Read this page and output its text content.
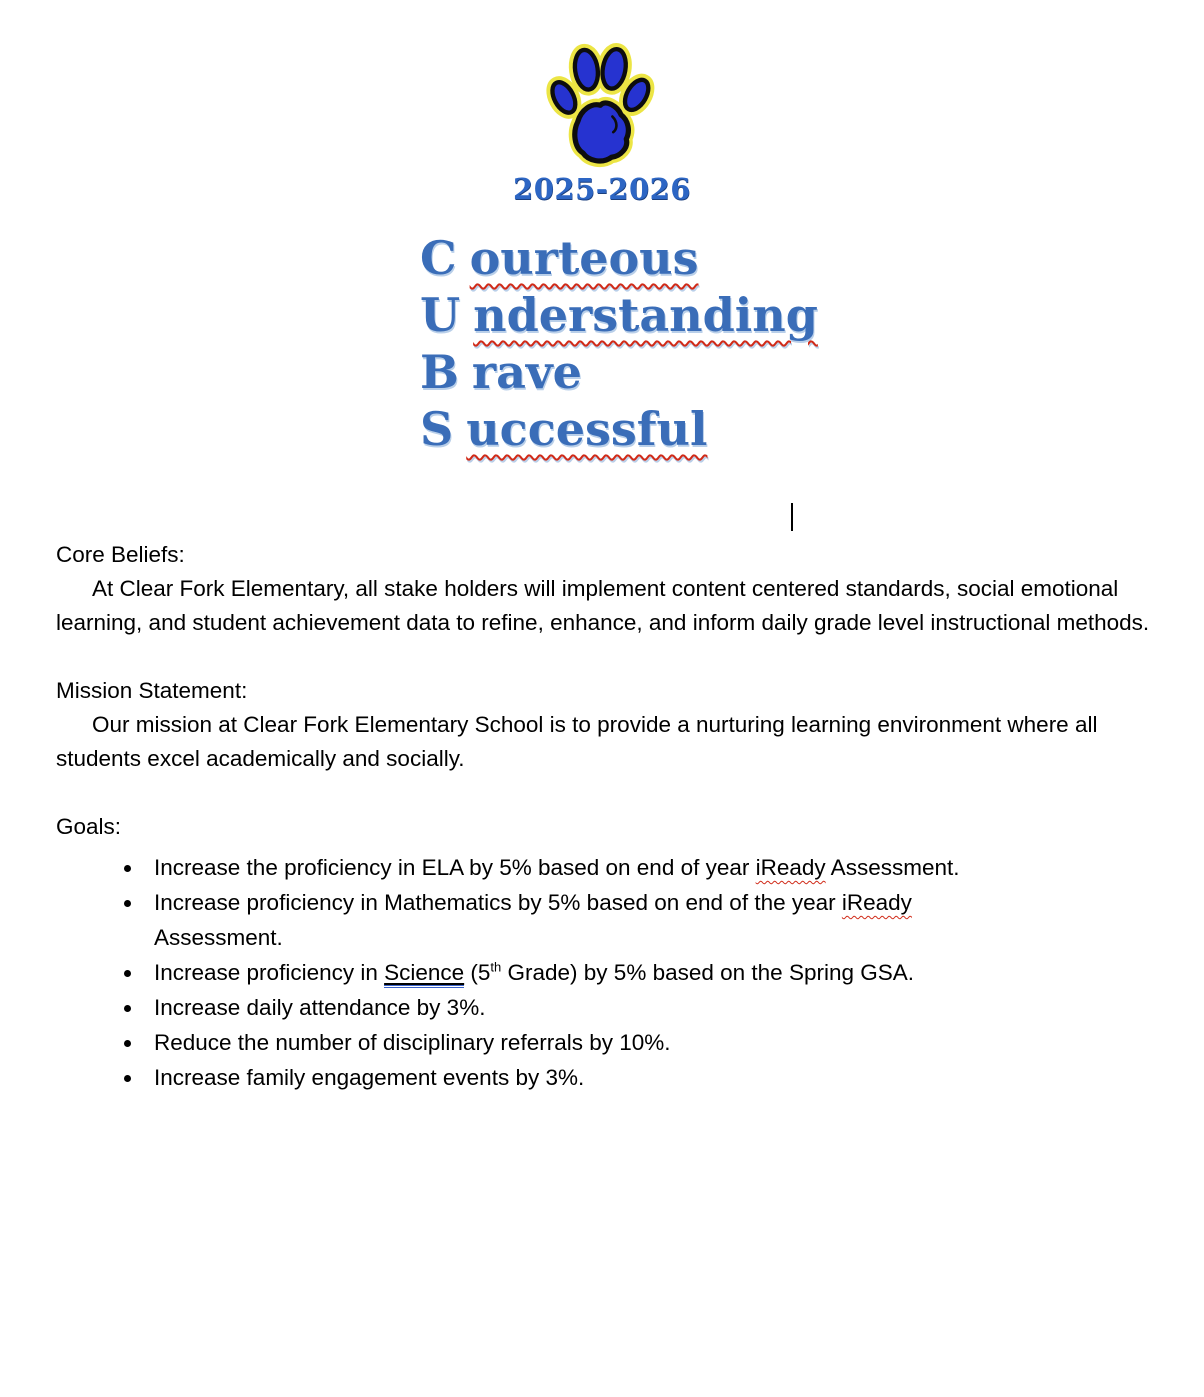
2025-2026
C ourteous
U nderstanding
B rave
S uccessful
Core Beliefs:

At Clear Fork Elementary, all stake holders will implement content centered standards, social emotional learning, and student achievement data to refine, enhance, and inform daily grade level instructional methods.

Mission Statement:

Our mission at Clear Fork Elementary School is to provide a nurturing learning environment where all students excel academically and socially.

Goals:
• Increase the proficiency in ELA by 5% based on end of year iReady Assessment.
• Increase proficiency in Mathematics by 5% based on end of the year iReady
Assessment.
• Increase proficiency in Science (5th Grade) by 5% based on the Spring GSA.
• Increase daily attendance by 3%.
• Reduce the number of disciplinary referrals by 10%.
• Increase family engagement events by 3%.
